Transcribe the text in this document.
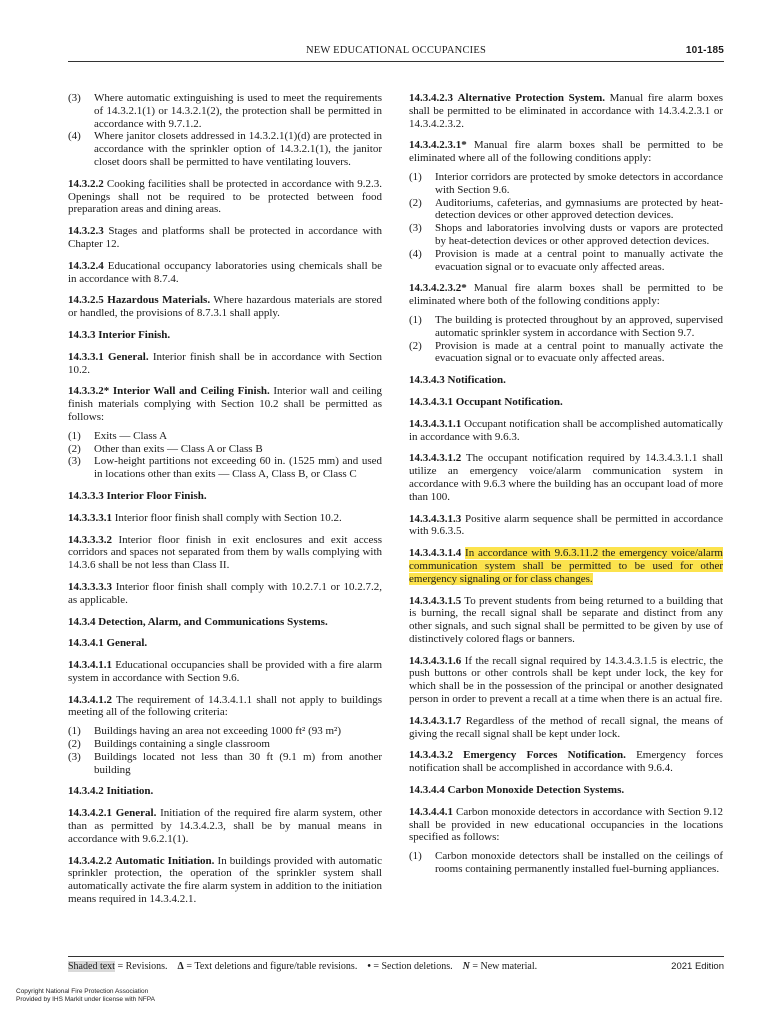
NEW EDUCATIONAL OCCUPANCIES	101-185
(3)	Where automatic extinguishing is used to meet the requirements of 14.3.2.1(1) or 14.3.2.1(2), the protection shall be permitted in accordance with 9.7.1.2.
(4)	Where janitor closets addressed in 14.3.2.1(1)(d) are protected in accordance with the sprinkler option of 14.3.2.1(1), the janitor closet doors shall be permitted to have ventilating louvers.

14.3.2.2 Cooking facilities shall be protected in accordance with 9.2.3. Openings shall not be required to be protected between food preparation areas and dining areas.

14.3.2.3 Stages and platforms shall be protected in accordance with Chapter 12.

14.3.2.4 Educational occupancy laboratories using chemicals shall be in accordance with 8.7.4.

14.3.2.5 Hazardous Materials. Where hazardous materials are stored or handled, the provisions of 8.7.3.1 shall apply.

14.3.3 Interior Finish.

14.3.3.1 General. Interior finish shall be in accordance with Section 10.2.

14.3.3.2* Interior Wall and Ceiling Finish. Interior wall and ceiling finish materials complying with Section 10.2 shall be permitted as follows:

(1)	Exits — Class A
(2)	Other than exits — Class A or Class B
(3)	Low-height partitions not exceeding 60 in. (1525 mm) and used in locations other than exits — Class A, Class B, or Class C
14.3.3.3 Interior Floor Finish.

14.3.3.3.1 Interior floor finish shall comply with Section 10.2.

14.3.3.3.2 Interior floor finish in exit enclosures and exit access corridors and spaces not separated from them by walls complying with 14.3.6 shall be not less than Class II.

14.3.3.3.3 Interior floor finish shall comply with 10.2.7.1 or 10.2.7.2, as applicable.

14.3.4 Detection, Alarm, and Communications Systems.
14.3.4.1 General.

14.3.4.1.1 Educational occupancies shall be provided with a fire alarm system in accordance with Section 9.6.

14.3.4.1.2 The requirement of 14.3.4.1.1 shall not apply to buildings meeting all of the following criteria:

(1)	Buildings having an area not exceeding 1000 ft² (93 m²)
(2)	Buildings containing a single classroom
(3)	Buildings located not less than 30 ft (9.1 m) from another building
14.3.4.2 Initiation.

14.3.4.2.1 General. Initiation of the required fire alarm system, other than as permitted by 14.3.4.2.3, shall be by manual means in accordance with 9.6.2.1(1).

14.3.4.2.2 Automatic Initiation. In buildings provided with automatic sprinkler protection, the operation of the sprinkler system shall automatically activate the fire alarm system in addition to the initiation means required in 14.3.4.2.1.

14.3.4.2.3 Alternative Protection System. Manual fire alarm boxes shall be permitted to be eliminated in accordance with 14.3.4.2.3.1 or 14.3.4.2.3.2.

14.3.4.2.3.1* Manual fire alarm boxes shall be permitted to be eliminated where all of the following conditions apply:

(1)	Interior corridors are protected by smoke detectors in accordance with Section 9.6.
(2)	Auditoriums, cafeterias, and gymnasiums are protected by heat-detection devices or other approved detection devices.
(3)	Shops and laboratories involving dusts or vapors are protected by heat-detection devices or other approved detection devices.
(4)	Provision is made at a central point to manually activate the evacuation signal or to evacuate only affected areas.

14.3.4.2.3.2* Manual fire alarm boxes shall be permitted to be eliminated where both of the following conditions apply:

(1)	The building is protected throughout by an approved, supervised automatic sprinkler system in accordance with Section 9.7.
(2)	Provision is made at a central point to manually activate the evacuation signal or to evacuate only affected areas.
14.3.4.3 Notification.
14.3.4.3.1 Occupant Notification.

14.3.4.3.1.1 Occupant notification shall be accomplished automatically in accordance with 9.6.3.

14.3.4.3.1.2 The occupant notification required by 14.3.4.3.1.1 shall utilize an emergency voice/alarm communication system in accordance with 9.6.3 where the building has an occupant load of more than 100.

14.3.4.3.1.3 Positive alarm sequence shall be permitted in accordance with 9.6.3.5.

14.3.4.3.1.4 In accordance with 9.6.3.11.2 the emergency voice/alarm communication system shall be permitted to be used for other emergency signaling or for class changes.

14.3.4.3.1.5 To prevent students from being returned to a building that is burning, the recall signal shall be separate and distinct from any other signals, and such signal shall be permitted to be given by use of distinctively colored flags or banners.

14.3.4.3.1.6 If the recall signal required by 14.3.4.3.1.5 is electric, the push buttons or other controls shall be kept under lock, the key for which shall be in the possession of the principal or another designated person in order to prevent a recall at a time when there is an actual fire.

14.3.4.3.1.7 Regardless of the method of recall signal, the means of giving the recall signal shall be kept under lock.

14.3.4.3.2 Emergency Forces Notification. Emergency forces notification shall be accomplished in accordance with 9.6.4.

14.3.4.4 Carbon Monoxide Detection Systems.

14.3.4.4.1 Carbon monoxide detectors in accordance with Section 9.12 shall be provided in new educational occupancies in the locations specified as follows:

(1)	Carbon monoxide detectors shall be installed on the ceilings of rooms containing permanently installed fuel-burning appliances.
Shaded text = Revisions. Δ = Text deletions and figure/table revisions. • = Section deletions. N = New material.	2021 Edition
Copyright National Fire Protection Association
Provided by IHS Markit under license with NFPA
